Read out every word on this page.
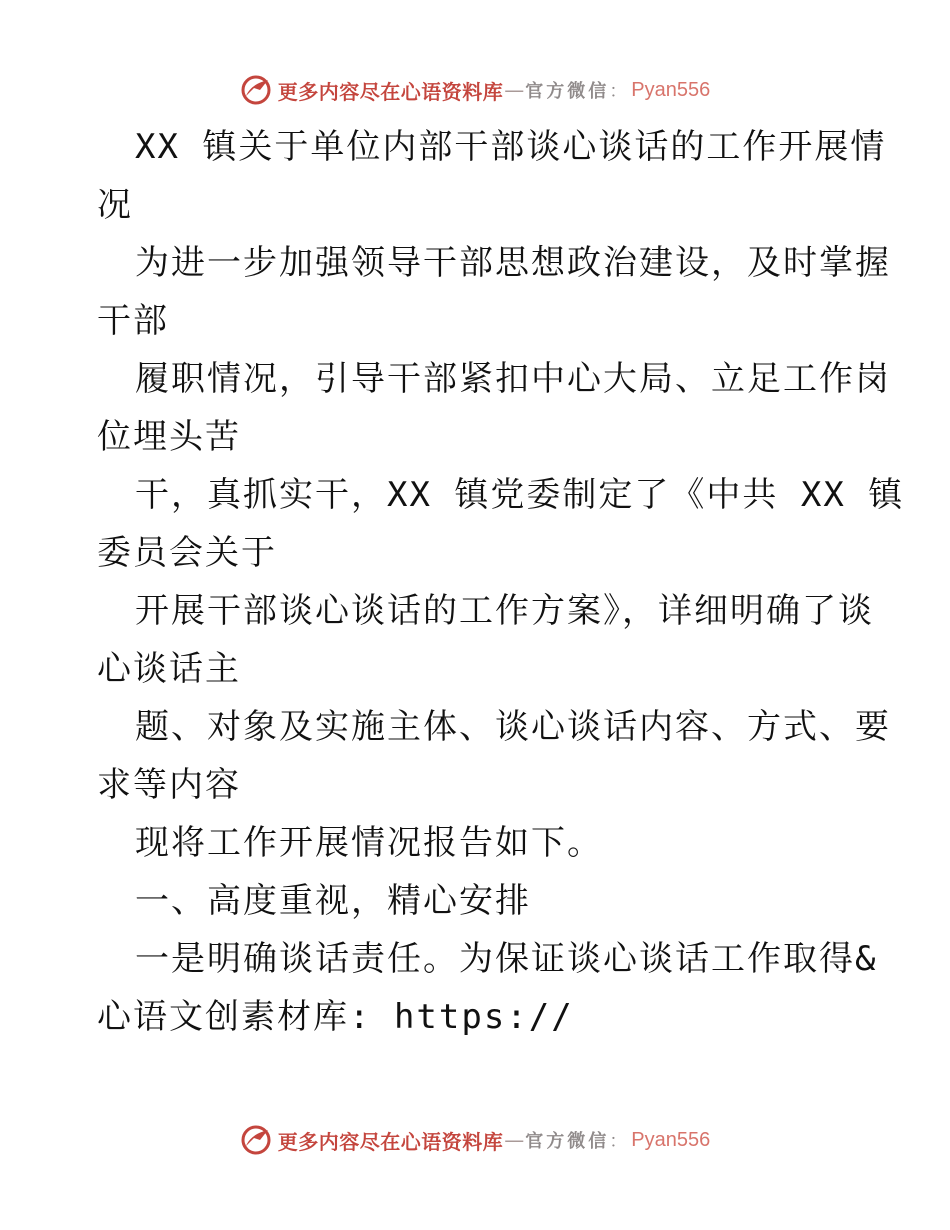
更多内容尽在心语资料库 — 官方微信 ： Pyan556
XX 镇关于单位内部干部谈心谈话的工作开展情
况
为进一步加强领导干部思想政治建设，及时掌握
干部
履职情况，引导干部紧扣中心大局、立足工作岗
位埋头苦
干，真抓实干，XX 镇党委制定了《中共 XX 镇
委员会关于
开展干部谈心谈话的工作方案》，详细明确了谈
心谈话主
题、对象及实施主体、谈心谈话内容、方式、要
求等内容
现将工作开展情况报告如下。
一、高度重视，精心安排
一是明确谈话责任。为保证谈心谈话工作取得&
心语文创素材库: https://
更多内容尽在心语资料库 — 官方微信 ： Pyan556
